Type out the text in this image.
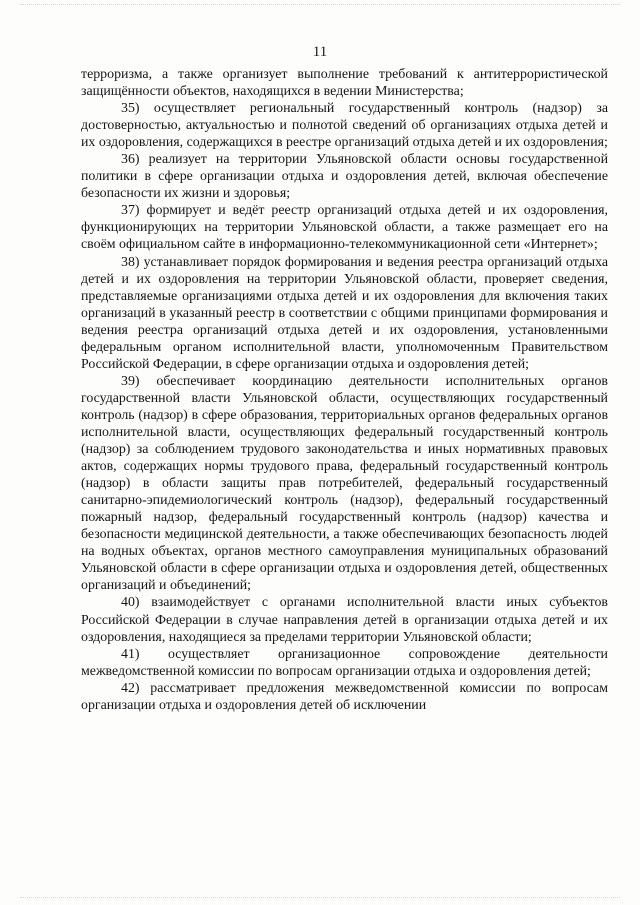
11

терроризма, а также организует выполнение требований к антитеррористической защищённости объектов, находящихся в ведении Министерства;

35) осуществляет региональный государственный контроль (надзор) за достоверностью, актуальностью и полнотой сведений об организациях отдыха детей и их оздоровления, содержащихся в реестре организаций отдыха детей и их оздоровления;

36) реализует на территории Ульяновской области основы государственной политики в сфере организации отдыха и оздоровления детей, включая обеспечение безопасности их жизни и здоровья;

37) формирует и ведёт реестр организаций отдыха детей и их оздоровления, функционирующих на территории Ульяновской области, а также размещает его на своём официальном сайте в информационно-телекоммуникационной сети «Интернет»;

38) устанавливает порядок формирования и ведения реестра организаций отдыха детей и их оздоровления на территории Ульяновской области, проверяет сведения, представляемые организациями отдыха детей и их оздоровления для включения таких организаций в указанный реестр в соответствии с общими принципами формирования и ведения реестра организаций отдыха детей и их оздоровления, установленными федеральным органом исполнительной власти, уполномоченным Правительством Российской Федерации, в сфере организации отдыха и оздоровления детей;

39) обеспечивает координацию деятельности исполнительных органов государственной власти Ульяновской области, осуществляющих государственный контроль (надзор) в сфере образования, территориальных органов федеральных органов исполнительной власти, осуществляющих федеральный государственный контроль (надзор) за соблюдением трудового законодательства и иных нормативных правовых актов, содержащих нормы трудового права, федеральный государственный контроль (надзор) в области защиты прав потребителей, федеральный государственный санитарно-эпидемиологический контроль (надзор), федеральный государственный пожарный надзор, федеральный государственный контроль (надзор) качества и безопасности медицинской деятельности, а также обеспечивающих безопасность людей на водных объектах, органов местного самоуправления муниципальных образований Ульяновской области в сфере организации отдыха и оздоровления детей, общественных организаций и объединений;

40) взаимодействует с органами исполнительной власти иных субъектов Российской Федерации в случае направления детей в организации отдыха детей и их оздоровления, находящиеся за пределами территории Ульяновской области;

41) осуществляет организационное сопровождение деятельности межведомственной комиссии по вопросам организации отдыха и оздоровления детей;

42) рассматривает предложения межведомственной комиссии по вопросам организации отдыха и оздоровления детей об исключении
